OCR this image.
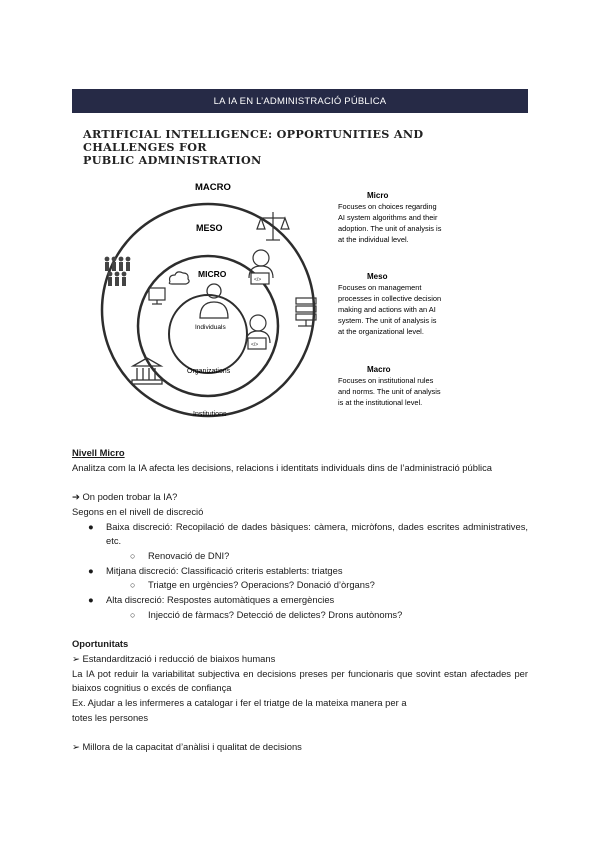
LA IA EN L’ADMINISTRACIÓ PÚBLICA
ARTIFICIAL INTELLIGENCE: OPPORTUNITIES AND CHALLENGES FOR
PUBLIC ADMINISTRATION
MACRO
MESO
MICRO
Individuals
Organizations
Institutions
</>
</>
Micro
Focuses on choices regarding
AI system algorithms and their
adoption. The unit of analysis is
at the individual level.
Meso
Focuses on management
processes in collective decision
making and actions with an AI
system. The unit of analysis is
at the organizational level.
Macro
Focuses on institutional rules
and norms. The unit of analysis
is at the institutional level.

Nivell Micro

Analitza com la IA afecta les decisions, relacions i identitats individuals dins de l’administració pública

➔ On poden trobar la IA?

Segons en el nivell de discreció

●	Baixa discreció: Recopilació de dades bàsiques: càmera, micròfons, dades escrites administratives, etc.
○	Renovació de DNI?
●	Mitjana discreció: Classificació criteris establerts: triatges
○	Triatge en urgències? Operacions? Donació d’òrgans?
●	Alta discreció: Respostes automàtiques a emergències
○	Injecció de fàrmacs? Detecció de delictes? Drons autònoms?

Oportunitats

➢ Estandardització i reducció de biaixos humans

La IA pot reduir la variabilitat subjectiva en decisions preses per funcionaris que sovint estan afectades per biaixos cognitius o excés de confiança

Ex. Ajudar a les infermeres a catalogar i fer el triatge de la mateixa manera per a

totes les persones

➢ Millora de la capacitat d’anàlisi i qualitat de decisions
